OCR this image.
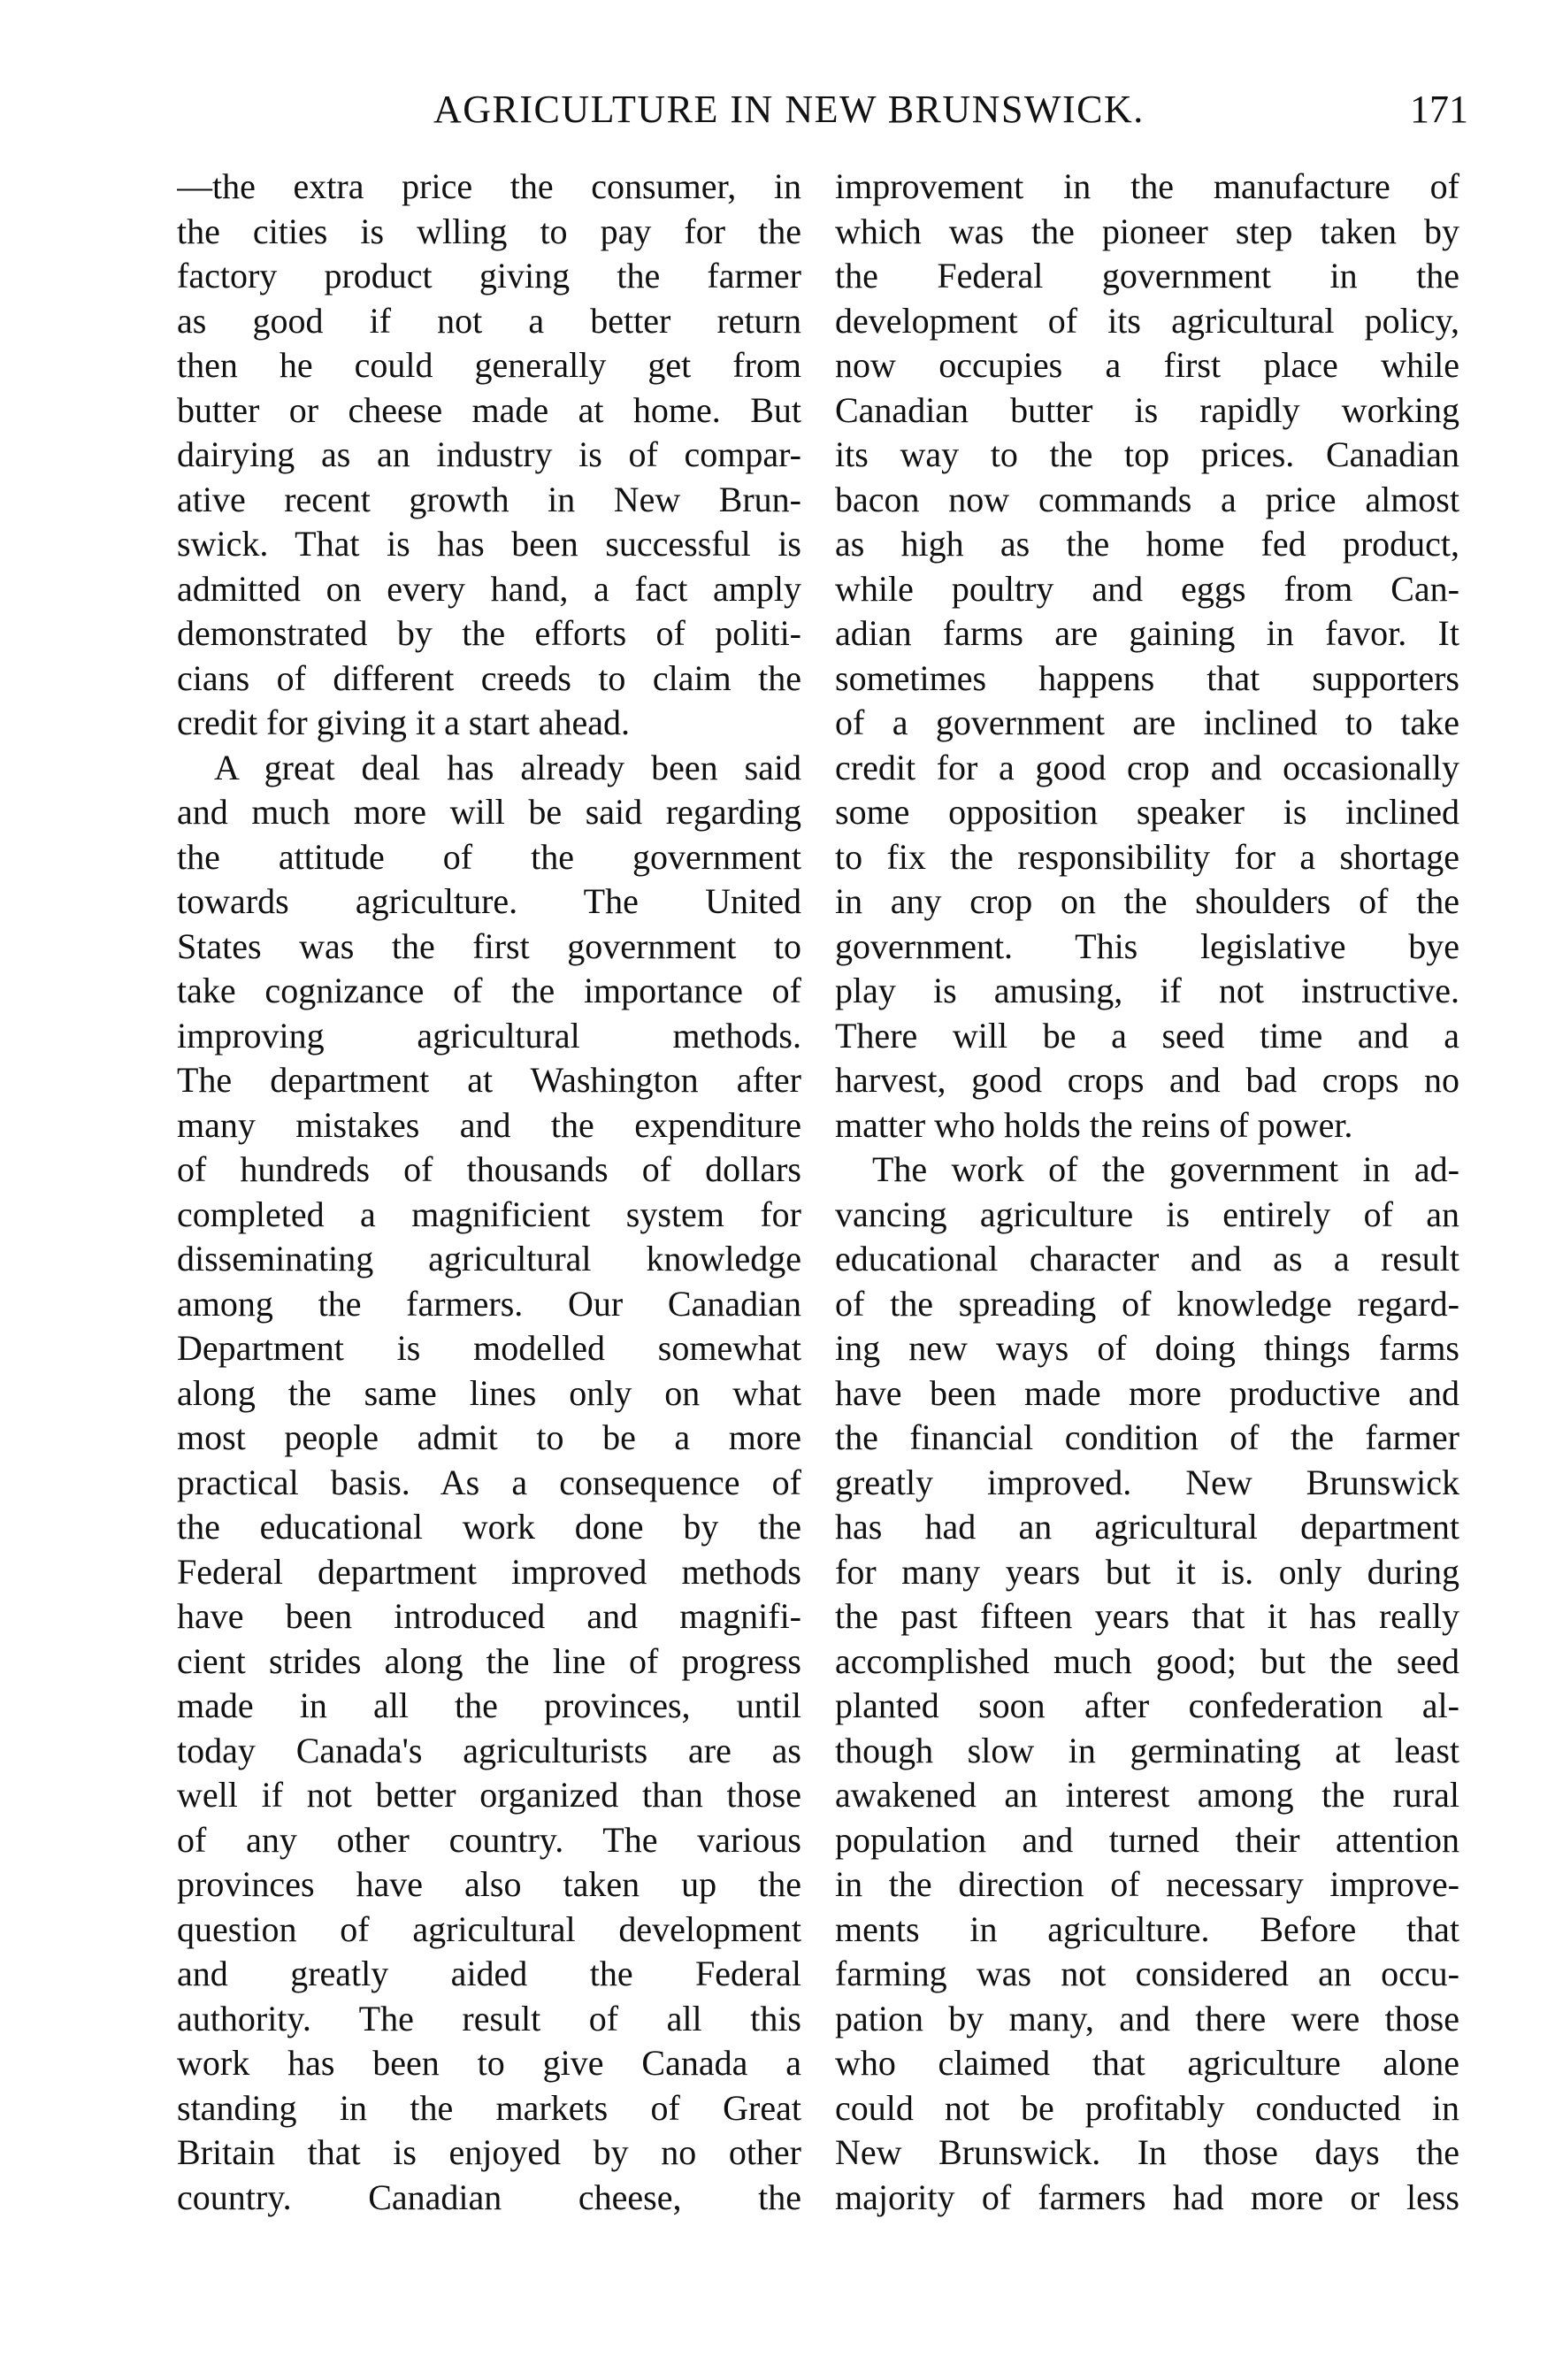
AGRICULTURE IN NEW BRUNSWICK.	171
—the extra price the consumer, in
the cities is wlling to pay for the
factory product giving the farmer
as good if not a better return
then he could generally get from
butter or cheese made at home. But
dairying as an industry is of compar-
ative recent growth in New Brun-
swick. That is has been successful is
admitted on every hand, a fact amply
demonstrated by the efforts of politi-
cians of different creeds to claim the
credit for giving it a start ahead.
A great deal has already been said
and much more will be said regarding
the attitude of the government
towards agriculture. The United
States was the first government to
take cognizance of the importance of
improving agricultural methods.
The department at Washington after
many mistakes and the expenditure
of hundreds of thousands of dollars
completed a magnificient system for
disseminating agricultural knowledge
among the farmers. Our Canadian
Department is modelled somewhat
along the same lines only on what
most people admit to be a more
practical basis. As a consequence of
the educational work done by the
Federal department improved methods
have been introduced and magnifi-
cient strides along the line of progress
made in all the provinces, until
today Canada's agriculturists are as
well if not better organized than those
of any other country. The various
provinces have also taken up the
question of agricultural development
and greatly aided the Federal
authority. The result of all this
work has been to give Canada a
standing in the markets of Great
Britain that is enjoyed by no other
country. Canadian cheese, the
improvement in the manufacture of
which was the pioneer step taken by
the Federal government in the
development of its agricultural policy,
now occupies a first place while
Canadian butter is rapidly working
its way to the top prices. Canadian
bacon now commands a price almost
as high as the home fed product,
while poultry and eggs from Can-
adian farms are gaining in favor. It
sometimes happens that supporters
of a government are inclined to take
credit for a good crop and occasionally
some opposition speaker is inclined
to fix the responsibility for a shortage
in any crop on the shoulders of the
government. This legislative bye
play is amusing, if not instructive.
There will be a seed time and a
harvest, good crops and bad crops no
matter who holds the reins of power.
The work of the government in ad-
vancing agriculture is entirely of an
educational character and as a result
of the spreading of knowledge regard-
ing new ways of doing things farms
have been made more productive and
the financial condition of the farmer
greatly improved. New Brunswick
has had an agricultural department
for many years but it is. only during
the past fifteen years that it has really
accomplished much good; but the seed
planted soon after confederation al-
though slow in germinating at least
awakened an interest among the rural
population and turned their attention
in the direction of necessary improve-
ments in agriculture. Before that
farming was not considered an occu-
pation by many, and there were those
who claimed that agriculture alone
could not be profitably conducted in
New Brunswick. In those days the
majority of farmers had more or less
